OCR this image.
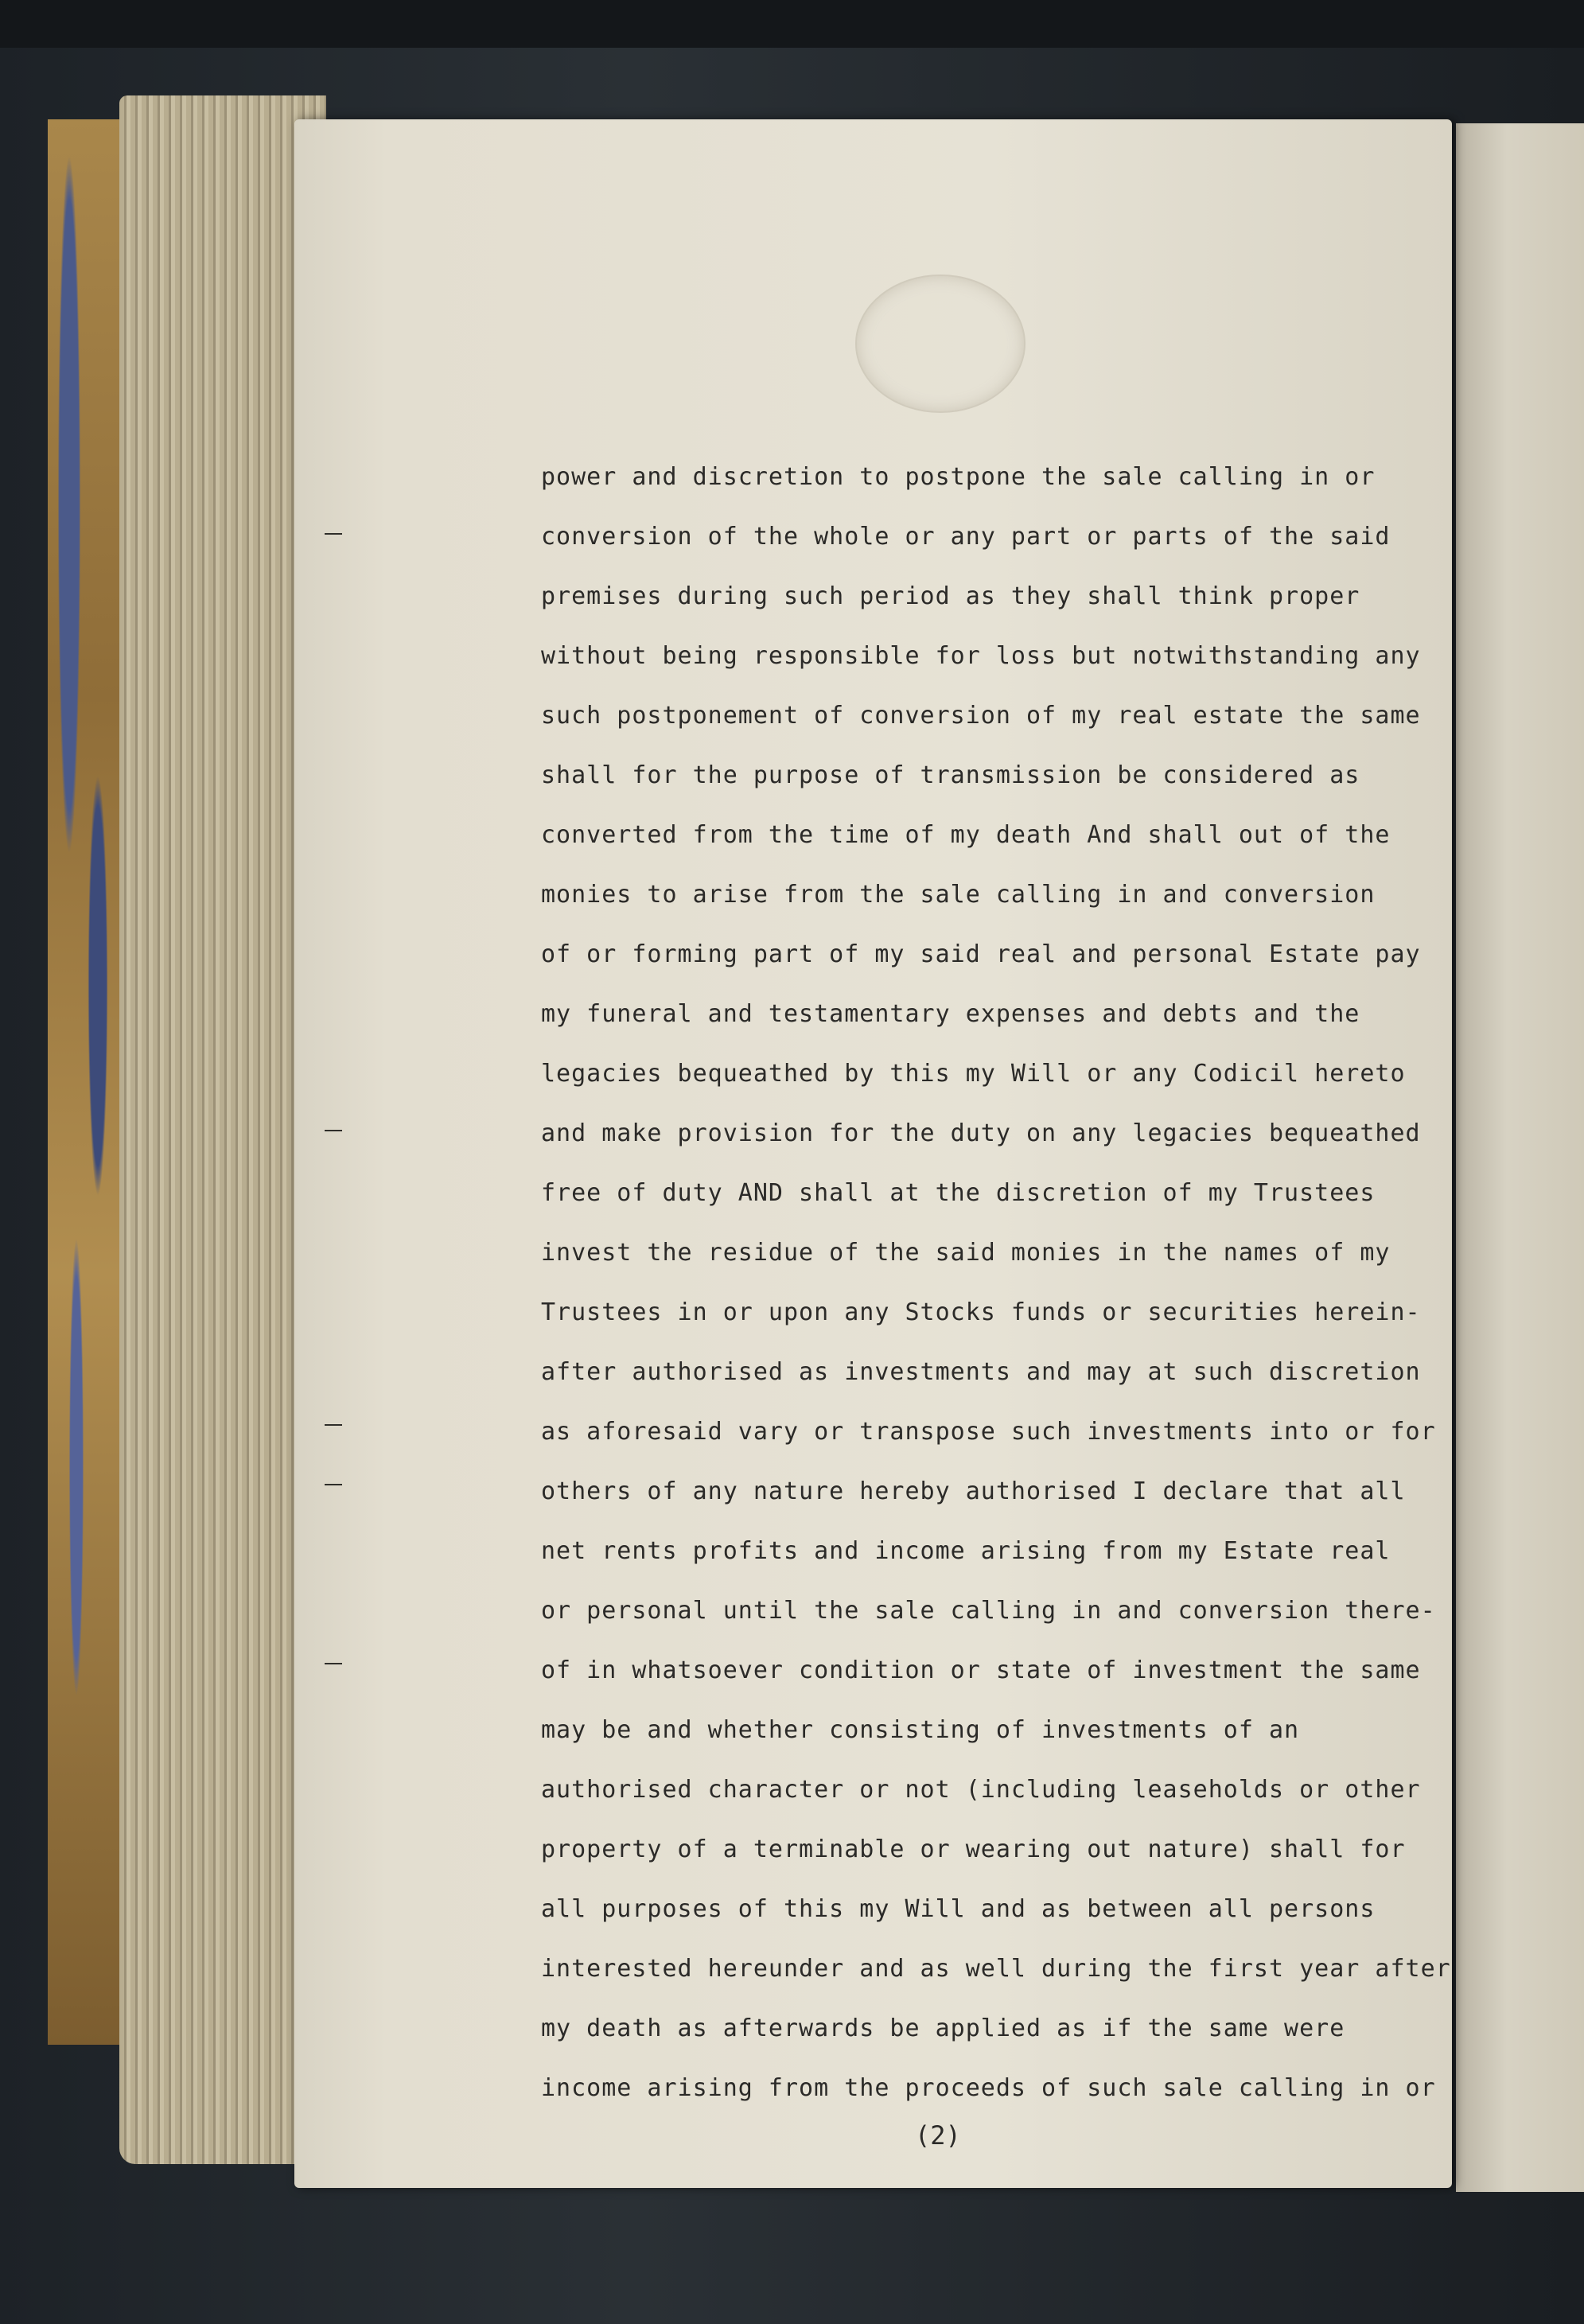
power and discretion to postpone the sale calling in or
conversion of the whole or any part or parts of the said
premises during such period as they shall think proper
without being responsible for loss but notwithstanding any
such postponement of conversion of my real estate the same
shall for the purpose of transmission be considered as
converted from the time of my death And shall out of the
monies to arise from the sale calling in and conversion
of or forming part of my said real and personal Estate pay
my funeral and testamentary expenses and debts and the
legacies bequeathed by this my Will or any Codicil hereto
and make provision for the duty on any legacies bequeathed
free of duty AND shall at the discretion of my Trustees
invest the residue of the said monies in the names of my
Trustees in or upon any Stocks funds or securities herein-
after authorised as investments and may at such discretion
as aforesaid vary or transpose such investments into or for
others of any nature hereby authorised I declare that all
net rents profits and income arising from my Estate real
or personal until the sale calling in and conversion there-
of in whatsoever condition or state of investment the same
may be and whether consisting of investments of an
authorised character or not (including leaseholds or other
property of a terminable or wearing out nature) shall for
all purposes of this my Will and as between all persons
interested hereunder and as well during the first year after
my death as afterwards be applied as if the same were
income arising from the proceeds of such sale calling in or
(2)
